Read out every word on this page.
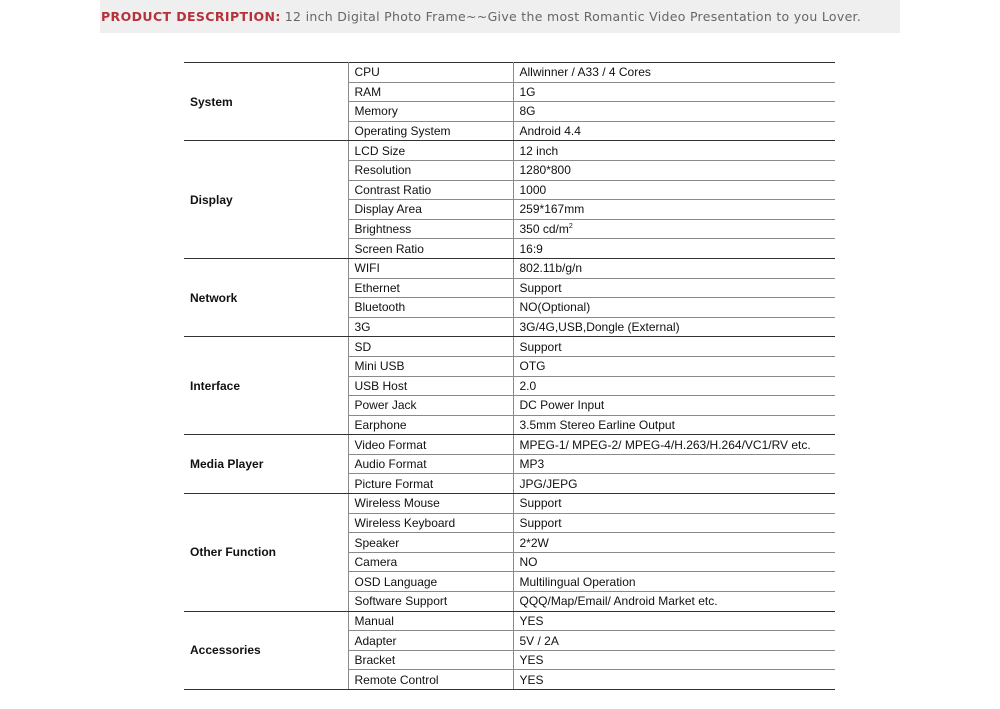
PRODUCT DESCRIPTION: 12 inch Digital Photo Frame~~Give the most Romantic Video Presentation to you Lover.
System	CPU	Allwinner / A33 / 4 Cores
	RAM	1G
	Memory	8G
	Operating System	Android 4.4
Display	LCD Size	12 inch
	Resolution	1280*800
	Contrast Ratio	1000
	Display Area	259*167mm
	Brightness	350 $cd/m^2$
	Screen Ratio	16:9
Network	WIFI	802.11b/g/n
	Ethernet	Support
	Bluetooth	NO(Optional)
	3G	3G/4G,USB,Dongle (External)
Interface	SD	Support
	Mini USB	OTG
	USB Host	2.0
	Power Jack	DC Power Input
	Earphone	3.5mm Stereo Earline Output
Media Player	Video Format	MPEG-1/ MPEG-2/ MPEG-4/H.263/H.264/VC1/RV etc.
	Audio Format	MP3
	Picture Format	JPG/JEPG
Other Function	Wireless Mouse	Support
	Wireless Keyboard	Support
	Speaker	2*2W
	Camera	NO
	OSD Language	Multilingual Operation
	Software Support	QQQ/Map/Email/ Android Market etc.
Accessories	Manual	YES
	Adapter	5V / 2A
	Bracket	YES
	Remote Control	YES
